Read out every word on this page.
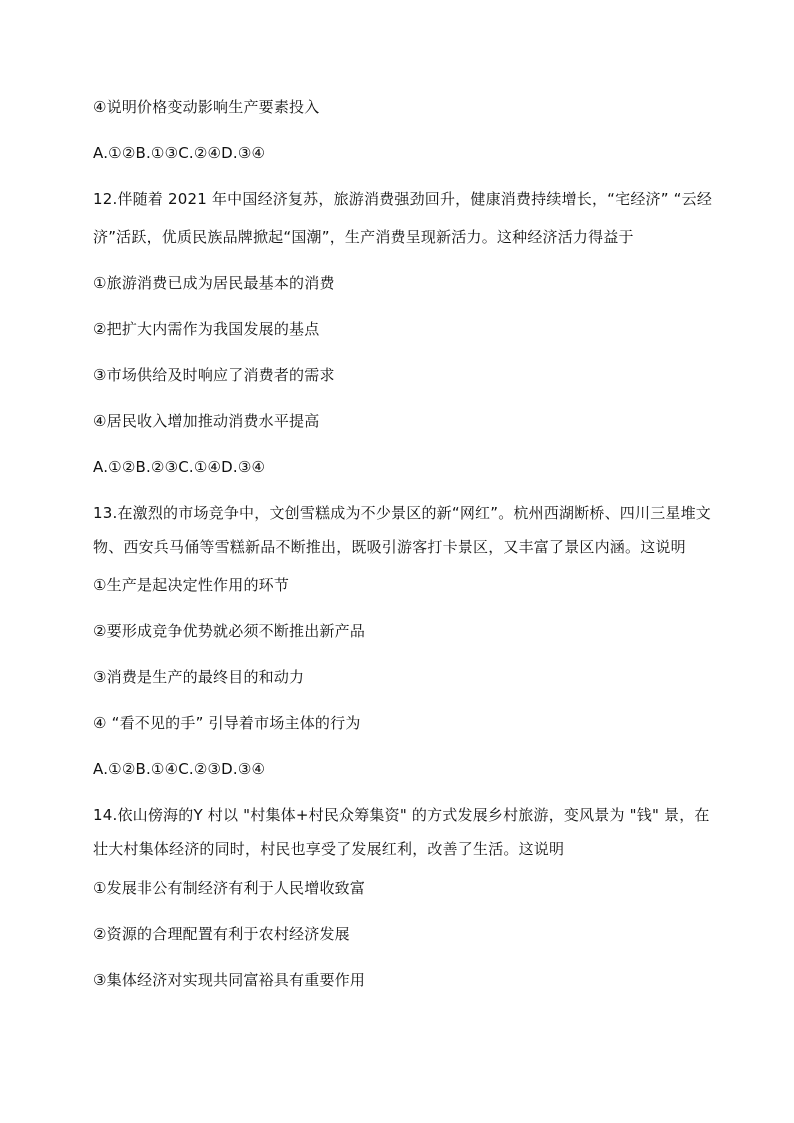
④说明价格变动影响生产要素投入
A.①②B.①③C.②④D.③④
12.伴随着 2021 年中国经济复苏，旅游消费强劲回升，健康消费持续增长，“宅经济” “云经
济”活跃，优质民族品牌掀起“国潮”，生产消费呈现新活力。这种经济活力得益于
①旅游消费已成为居民最基本的消费
②把扩大内需作为我国发展的基点
③市场供给及时响应了消费者的需求
④居民收入增加推动消费水平提高
A.①②B.②③C.①④D.③④
13.在激烈的市场竞争中，文创雪糕成为不少景区的新“网红”。杭州西湖断桥、四川三星堆文
物、西安兵马俑等雪糕新品不断推出，既吸引游客打卡景区，又丰富了景区内涵。这说明
①生产是起决定性作用的环节
②要形成竞争优势就必须不断推出新产品
③消费是生产的最终目的和动力
④ “看不见的手” 引导着市场主体的行为
A.①②B.①④C.②③D.③④
14.依山傍海的Y 村以 "村集体+村民众筹集资" 的方式发展乡村旅游，变风景为 "钱" 景，在
壮大村集体经济的同时，村民也享受了发展红利，改善了生活。这说明
①发展非公有制经济有利于人民增收致富
②资源的合理配置有利于农村经济发展
③集体经济对实现共同富裕具有重要作用
